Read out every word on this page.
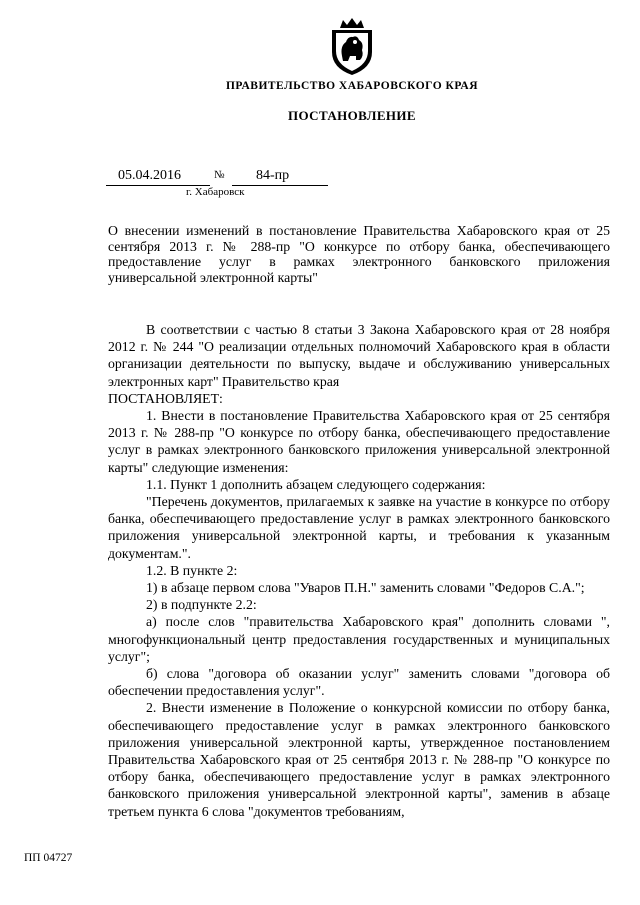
ПРАВИТЕЛЬСТВО ХАБАРОВСКОГО КРАЯ
ПОСТАНОВЛЕНИЕ
05.04.2016	№	84-пр
г. Хабаровск
О внесении изменений в постановление Правительства Хабаровского края от 25 сентября 2013 г. № 288-пр "О конкурсе по отбору банка, обеспечивающего предоставление услуг в рамках электронного банковского приложения универсальной электронной карты"

В соответствии с частью 8 статьи 3 Закона Хабаровского края от 28 ноября 2012 г. № 244 "О реализации отдельных полномочий Хабаровского края в области организации деятельности по выпуску, выдаче и обслуживанию универсальных электронных карт" Правительство края

ПОСТАНОВЛЯЕТ:

1. Внести в постановление Правительства Хабаровского края от 25 сентября 2013 г. № 288-пр "О конкурсе по отбору банка, обеспечивающего предоставление услуг в рамках электронного банковского приложения универсальной электронной карты" следующие изменения:

1.1. Пункт 1 дополнить абзацем следующего содержания:

"Перечень документов, прилагаемых к заявке на участие в конкурсе по отбору банка, обеспечивающего предоставление услуг в рамках электронного банковского приложения универсальной электронной карты, и требования к указанным документам.".

1.2. В пункте 2:

1) в абзаце первом слова "Уваров П.Н." заменить словами "Федоров С.А.";

2) в подпункте 2.2:

а) после слов "правительства Хабаровского края" дополнить словами ", многофункциональный центр предоставления государственных и муниципальных услуг";

б) слова "договора об оказании услуг" заменить словами "договора об обеспечении предоставления услуг".

2. Внести изменение в Положение о конкурсной комиссии по отбору банка, обеспечивающего предоставление услуг в рамках электронного банковского приложения универсальной электронной карты, утвержденное постановлением Правительства Хабаровского края от 25 сентября 2013 г. № 288-пр "О конкурсе по отбору банка, обеспечивающего предоставление услуг в рамках электронного банковского приложения универсальной электронной карты", заменив в абзаце третьем пункта 6 слова "документов требованиям,

ПП 04727
